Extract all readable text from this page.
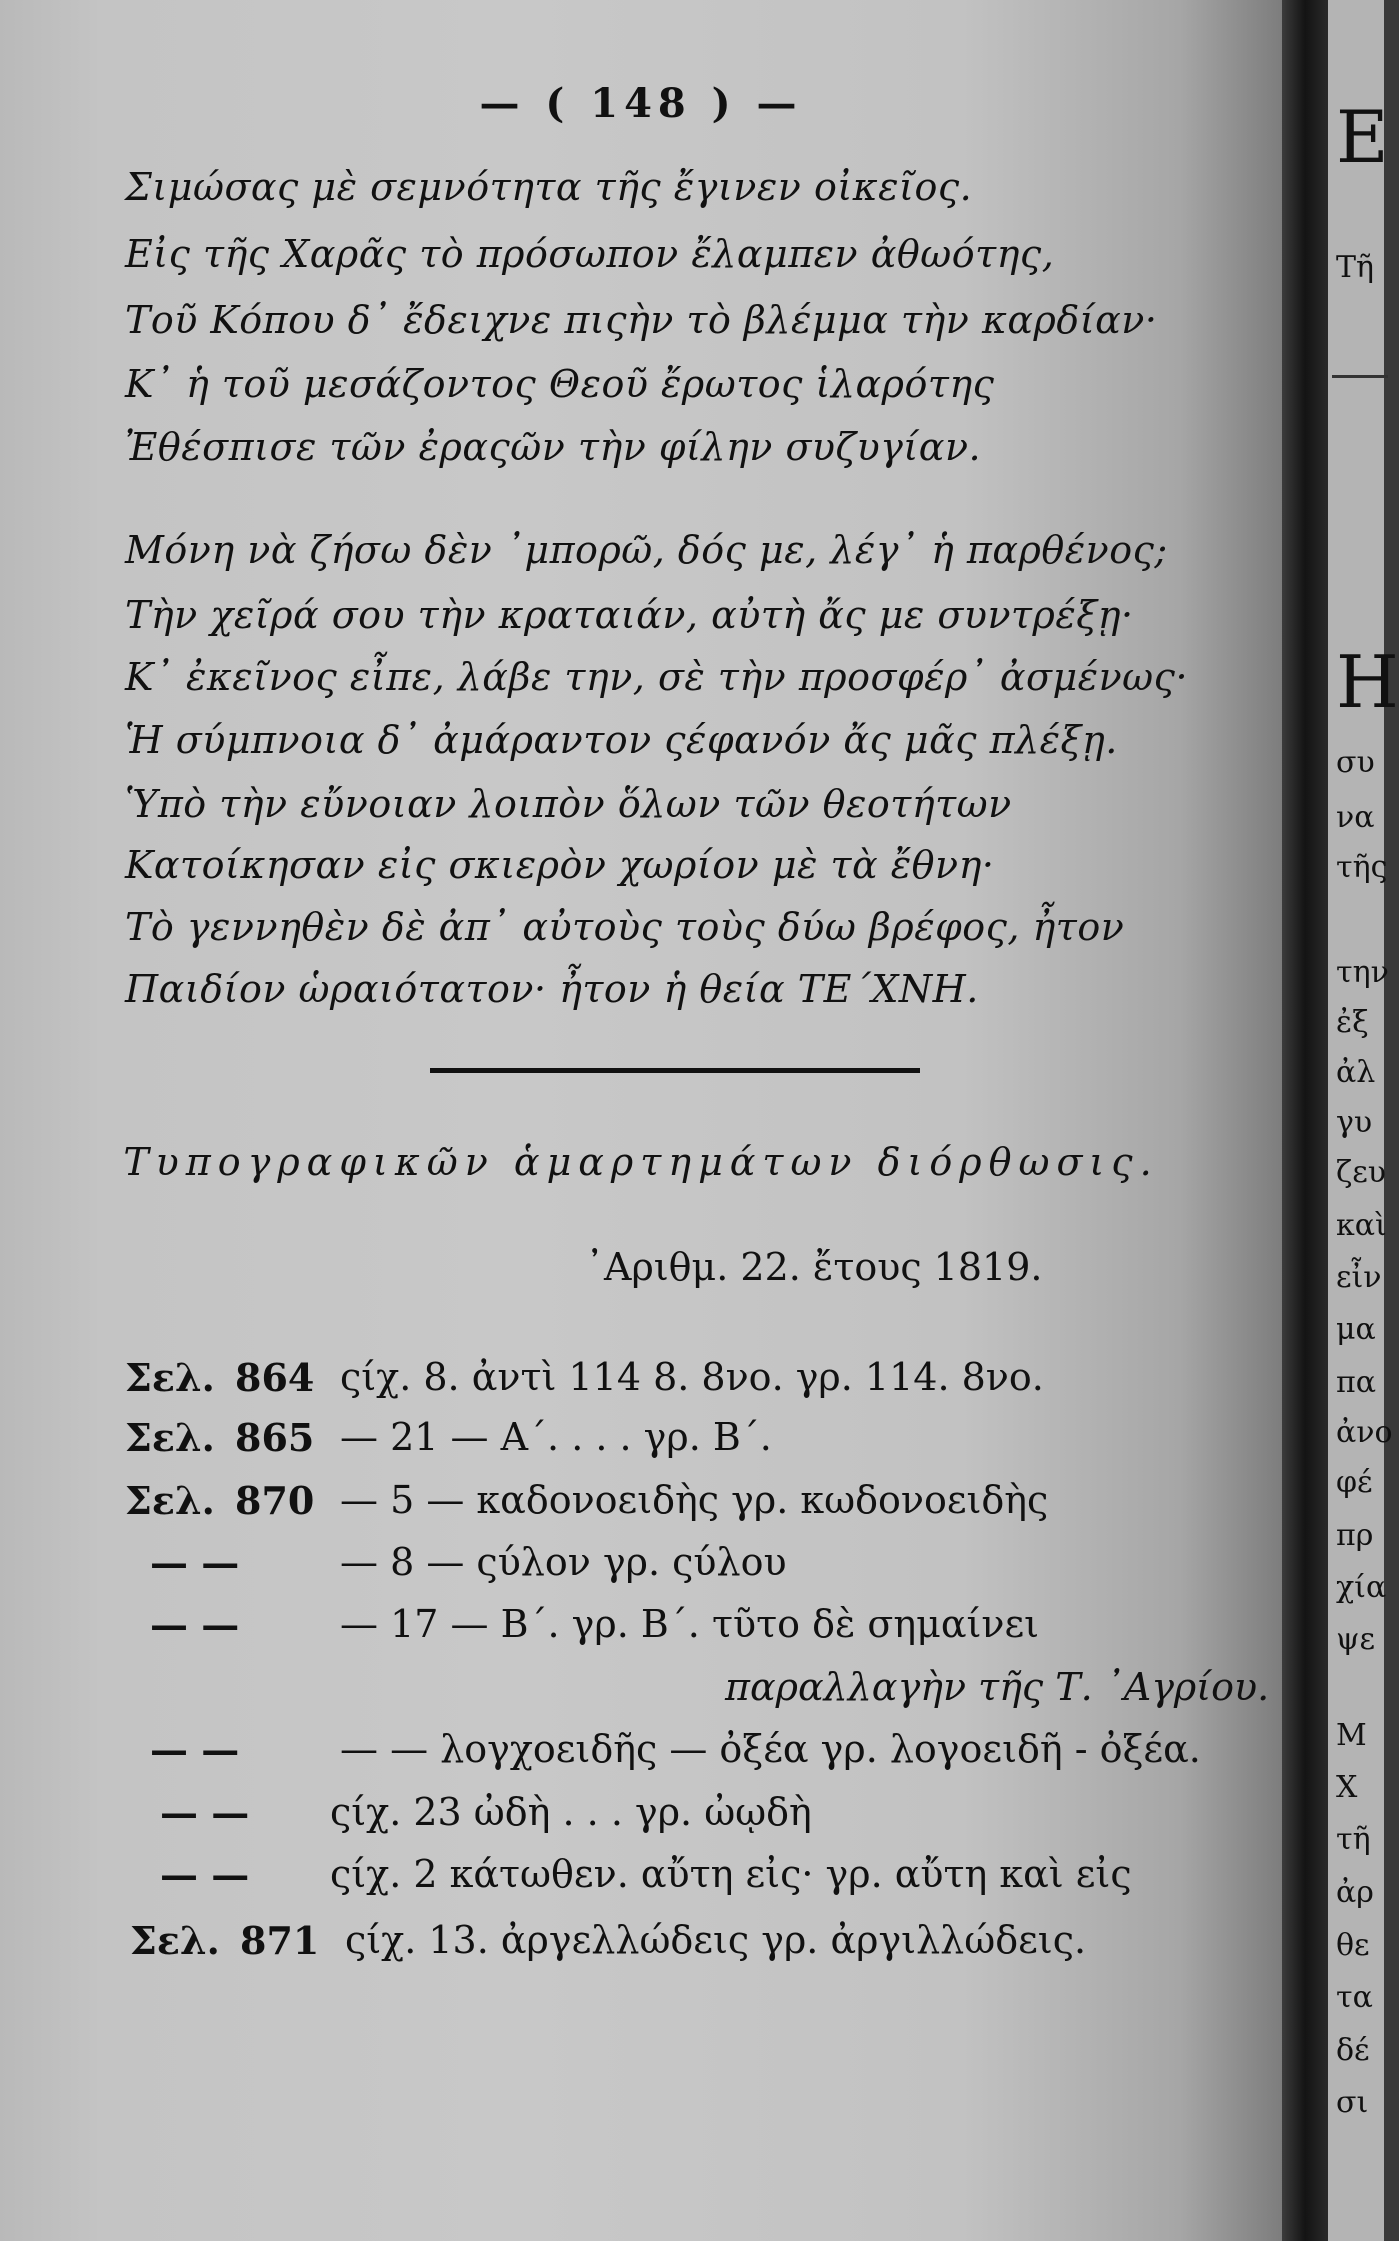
— ( 148 ) —
Σιμώσας μὲ σεμνότητα τῆς ἔγινεν οἰκεῖος.
Εἰς τῆς Χαρᾶς τὸ πρόσωπον ἔλαμπεν ἀθωότης,
Τοῦ Κόπου δ᾽ ἔδειχνε πιςὴν τὸ βλέμμα τὴν καρδίαν·
Κ᾽ ἡ τοῦ μεσάζοντος Θεοῦ ἔρωτος ἱλαρότης
Ἐθέσπισε τῶν ἐραςῶν τὴν φίλην συζυγίαν.
Μόνη νὰ ζήσω δὲν ᾽μπορῶ, δός με, λέγ᾽ ἡ παρθένος;
Τὴν χεῖρά σου τὴν κραταιάν, αὐτὴ ἄς με συντρέξῃ·
Κ᾽ ἐκεῖνος εἶπε, λάβε την, σὲ τὴν προσφέρ᾽ ἀσμένως·
Ἡ σύμπνοια δ᾽ ἀμάραντον ςέφανόν ἄς μᾶς πλέξῃ.
Ὑπὸ τὴν εὔνοιαν λοιπὸν ὅλων τῶν θεοτήτων
Κατοίκησαν εἰς σκιερὸν χωρίον μὲ τὰ ἔθνη·
Τὸ γεννηθὲν δὲ ἀπ᾽ αὐτοὺς τοὺς δύω βρέφος, ἦτον
Παιδίον ὡραιότατον· ἦτον ἡ θεία ΤΕ΄ΧΝΗ.
Τυπογραφικῶν ἁμαρτημάτων διόρθωσις.
᾽Αριθμ. 22. ἔτους 1819.
Σελ. 864 ςίχ. 8. ἀντὶ 114 8. 8νο. γρ. 114. 8νο.
Σελ. 865 — 21 — Α΄. . . . γρ. Β΄.
Σελ. 870 — 5 — καδονοειδὴς γρ. κωδονοειδὴς
— —	— 8 — ςύλον γρ. ςύλου
— —	— 17 — Β΄. γρ. Β΄. τῦτο δὲ σημαίνει
παραλλαγὴν τῆς Τ. ᾽Αγρίου.
— —	— — λογχοειδῆς — ὀξέα γρ. λογοειδῆ - ὀξέα.
— — ςίχ. 23 ὠδὴ . . . γρ. ὠῳδὴ
— — ςίχ. 2 κάτωθεν. αὔτη εἰς· γρ. αὔτη καὶ εἰς
Σελ. 871 ςίχ. 13. ἀργελλώδεις γρ. ἀργιλλώδεις.
Ε
Τῆ
Η
συ
να
τῆς
την
ἐξ
ἀλ
γυ
ζευ
καὶ
εἶν
μα
πα
ἀνο
φέ
πρ
χία
ψε
Μ
Χ
τῆ
ἀρ
θε
τα
δέ
σι
